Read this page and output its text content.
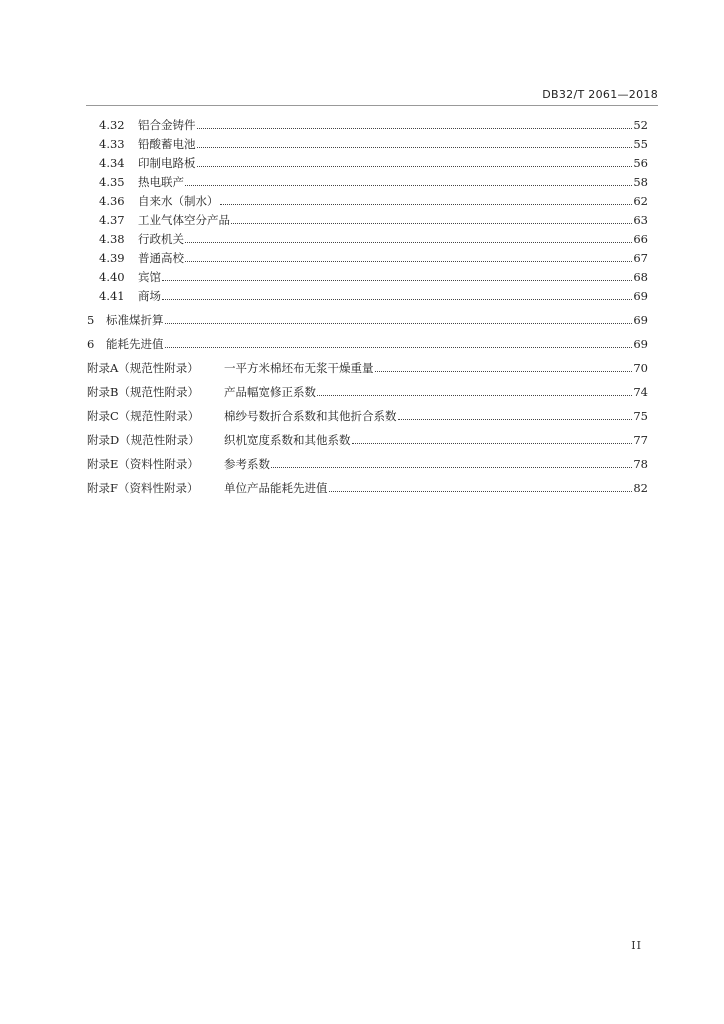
DB32/T 2061—2018
4.32	铝合金铸件	52
4.33	铅酸蓄电池	55
4.34	印制电路板	56
4.35	热电联产	58
4.36	自来水（制水）	62
4.37	工业气体空分产品	63
4.38	行政机关	66
4.39	普通高校	67
4.40	宾馆	68
4.41	商场	69
5	标准煤折算	69
6	能耗先进值	69
附录A（规范性附录）	一平方米棉坯布无浆干燥重量	70
附录B（规范性附录）	产品幅宽修正系数	74
附录C（规范性附录）	棉纱号数折合系数和其他折合系数	75
附录D（规范性附录）	织机宽度系数和其他系数	77
附录E（资料性附录）	参考系数	78
附录F（资料性附录）	单位产品能耗先进值	82
II
